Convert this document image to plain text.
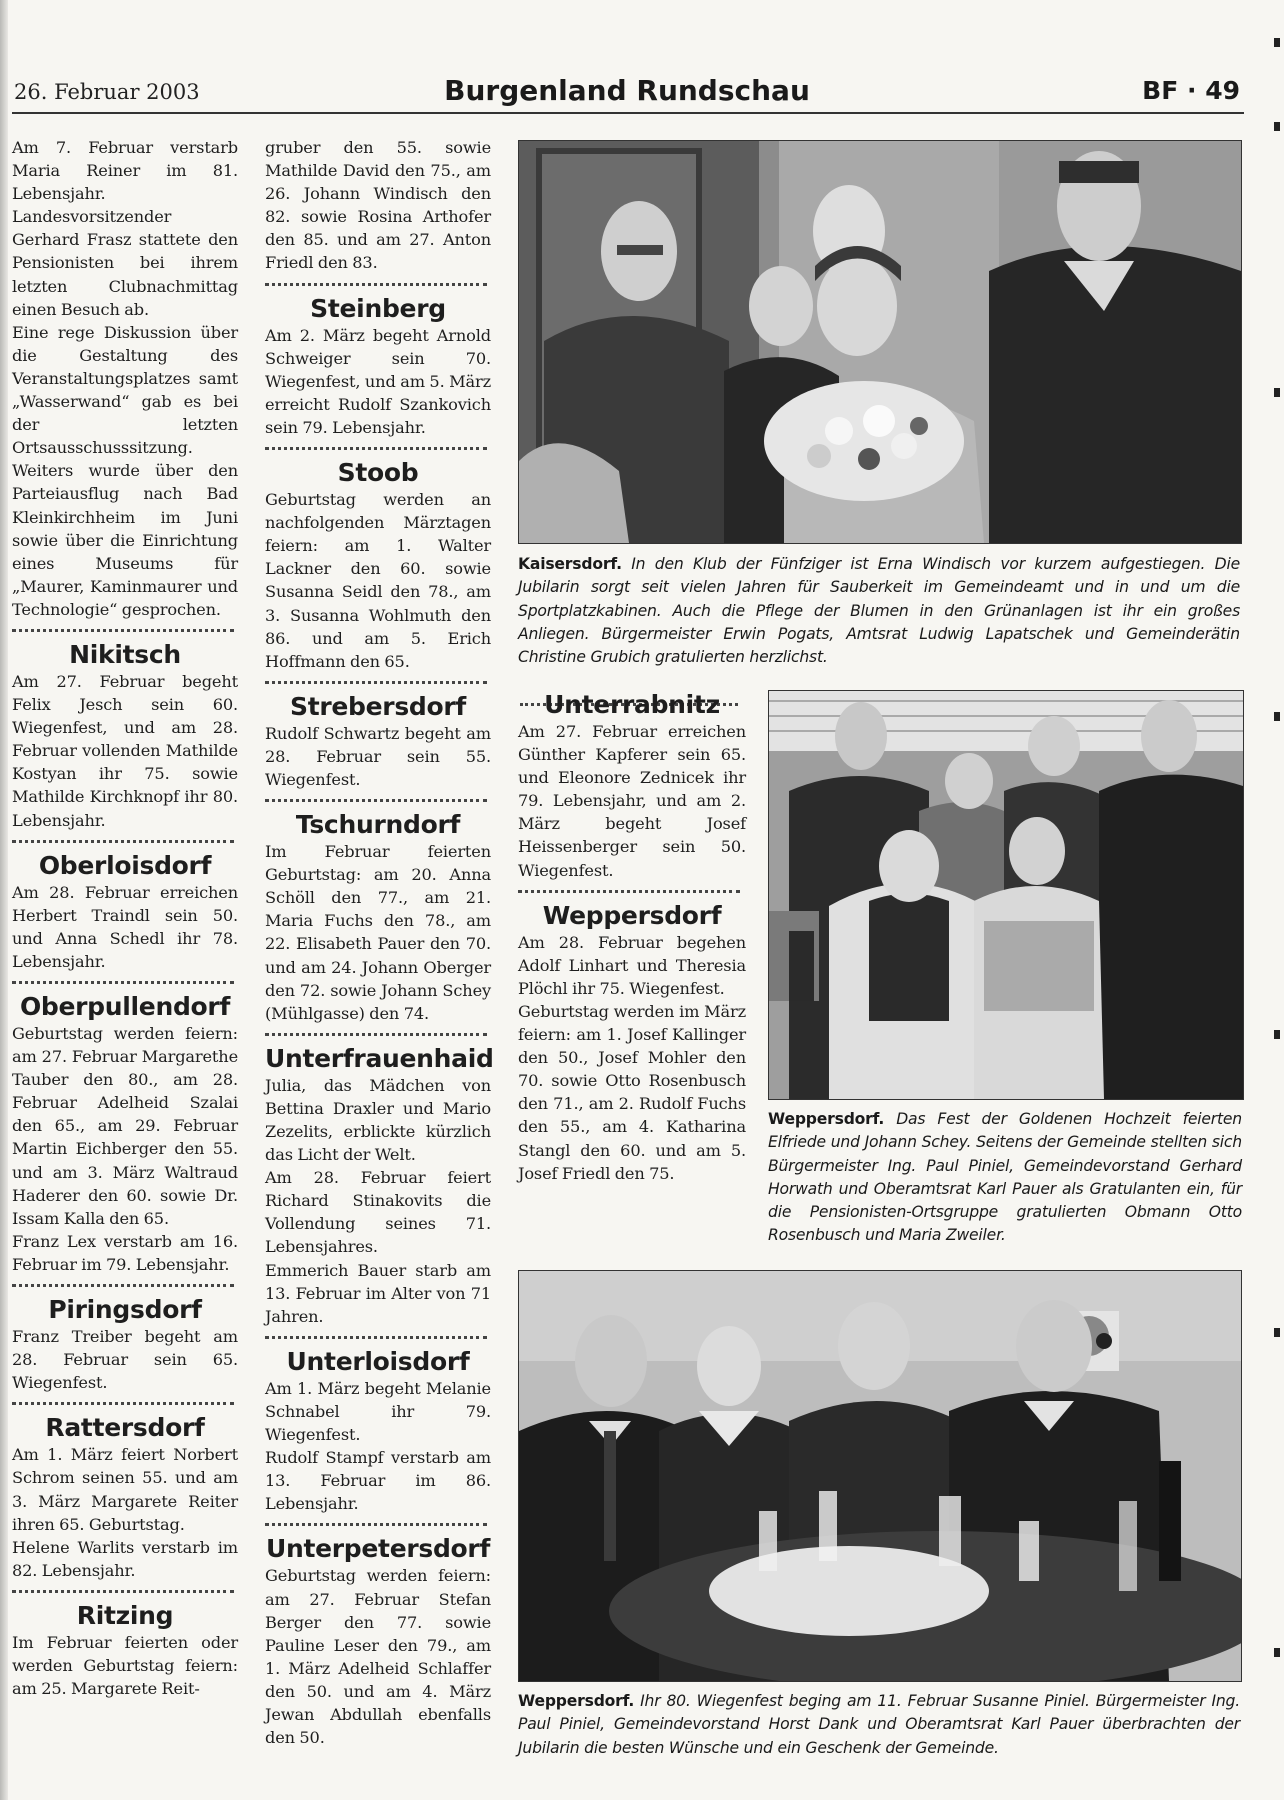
26. Februar 2003	Burgenland Rundschau	BF · 49

Am 7. Februar verstarb Maria Reiner im 81. Lebensjahr.

Landesvorsitzender Gerhard Frasz stattete den Pensionisten bei ihrem letzten Clubnachmittag einen Besuch ab.

Eine rege Diskussion über die Gestaltung des Veranstaltungsplatzes samt „Wasserwand“ gab es bei der letzten Ortsausschusssitzung. Weiters wurde über den Parteiausflug nach Bad Kleinkirchheim im Juni sowie über die Einrichtung eines Museums für „Maurer, Kaminmaurer und Technologie“ gesprochen.

Nikitsch

Am 27. Februar begeht Felix Jesch sein 60. Wiegenfest, und am 28. Februar vollenden Mathilde Kostyan ihr 75. sowie Mathilde Kirchknopf ihr 80. Lebensjahr.

Oberloisdorf

Am 28. Februar erreichen Herbert Traindl sein 50. und Anna Schedl ihr 78. Lebensjahr.

Oberpullendorf

Geburtstag werden feiern: am 27. Februar Margarethe Tauber den 80., am 28. Februar Adelheid Szalai den 65., am 29. Februar Martin Eichberger den 55. und am 3. März Waltraud Haderer den 60. sowie Dr. Issam Kalla den 65.

Franz Lex verstarb am 16. Februar im 79. Lebensjahr.

Piringsdorf

Franz Treiber begeht am 28. Februar sein 65. Wiegenfest.

Rattersdorf

Am 1. März feiert Norbert Schrom seinen 55. und am 3. März Margarete Reiter ihren 65. Geburtstag.

Helene Warlits verstarb im 82. Lebensjahr.

Ritzing

Im Februar feierten oder werden Geburtstag feiern: am 25. Margarete Reit-

gruber den 55. sowie Mathilde David den 75., am 26. Johann Windisch den 82. sowie Rosina Arthofer den 85. und am 27. Anton Friedl den 83.

Steinberg

Am 2. März begeht Arnold Schweiger sein 70. Wiegenfest, und am 5. März erreicht Rudolf Szankovich sein 79. Lebensjahr.

Stoob

Geburtstag werden an nachfolgenden Märztagen feiern: am 1. Walter Lackner den 60. sowie Susanna Seidl den 78., am 3. Susanna Wohlmuth den 86. und am 5. Erich Hoffmann den 65.

Strebersdorf

Rudolf Schwartz begeht am 28. Februar sein 55. Wiegenfest.

Tschurndorf

Im Februar feierten Geburtstag: am 20. Anna Schöll den 77., am 21. Maria Fuchs den 78., am 22. Elisabeth Pauer den 70. und am 24. Johann Oberger den 72. sowie Johann Schey (Mühlgasse) den 74.

Unterfrauenhaid

Julia, das Mädchen von Bettina Draxler und Mario Zezelits, erblickte kürzlich das Licht der Welt.

Am 28. Februar feiert Richard Stinakovits die Vollendung seines 71. Lebensjahres.

Emmerich Bauer starb am 13. Februar im Alter von 71 Jahren.

Unterloisdorf

Am 1. März begeht Melanie Schnabel ihr 79. Wiegenfest.

Rudolf Stampf verstarb am 13. Februar im 86. Lebensjahr.

Unterpetersdorf

Geburtstag werden feiern: am 27. Februar Stefan Berger den 77. sowie Pauline Leser den 79., am 1. März Adelheid Schlaffer den 50. und am 4. März Jewan Abdullah ebenfalls den 50.

Unterrabnitz

Am 27. Februar erreichen Günther Kapferer sein 65. und Eleonore Zednicek ihr 79. Lebensjahr, und am 2. März begeht Josef Heissenberger sein 50. Wiegenfest.

Weppersdorf

Am 28. Februar begehen Adolf Linhart und Theresia Plöchl ihr 75. Wiegenfest.

Geburtstag werden im März feiern: am 1. Josef Kallinger den 50., Josef Mohler den 70. sowie Otto Rosenbusch den 71., am 2. Rudolf Fuchs den 55., am 4. Katharina Stangl den 60. und am 5. Josef Friedl den 75.

Kaisersdorf. In den Klub der Fünfziger ist Erna Windisch vor kurzem aufgestiegen. Die Jubilarin sorgt seit vielen Jahren für Sauberkeit im Gemeindeamt und in und um die Sportplatzkabinen. Auch die Pflege der Blumen in den Grünanlagen ist ihr ein großes Anliegen. Bürgermeister Erwin Pogats, Amtsrat Ludwig Lapatschek und Gemeinderätin Christine Grubich gratulierten herzlichst.
Weppersdorf. Das Fest der Goldenen Hochzeit feierten Elfriede und Johann Schey. Seitens der Gemeinde stellten sich Bürgermeister Ing. Paul Piniel, Gemeindevorstand Gerhard Horwath und Oberamtsrat Karl Pauer als Gratulanten ein, für die Pensionisten-Ortsgruppe gratulierten Obmann Otto Rosenbusch und Maria Zweiler.
Weppersdorf. Ihr 80. Wiegenfest beging am 11. Februar Susanne Piniel. Bürgermeister Ing. Paul Piniel, Gemeindevorstand Horst Dank und Oberamtsrat Karl Pauer überbrachten der Jubilarin die besten Wünsche und ein Geschenk der Gemeinde.
